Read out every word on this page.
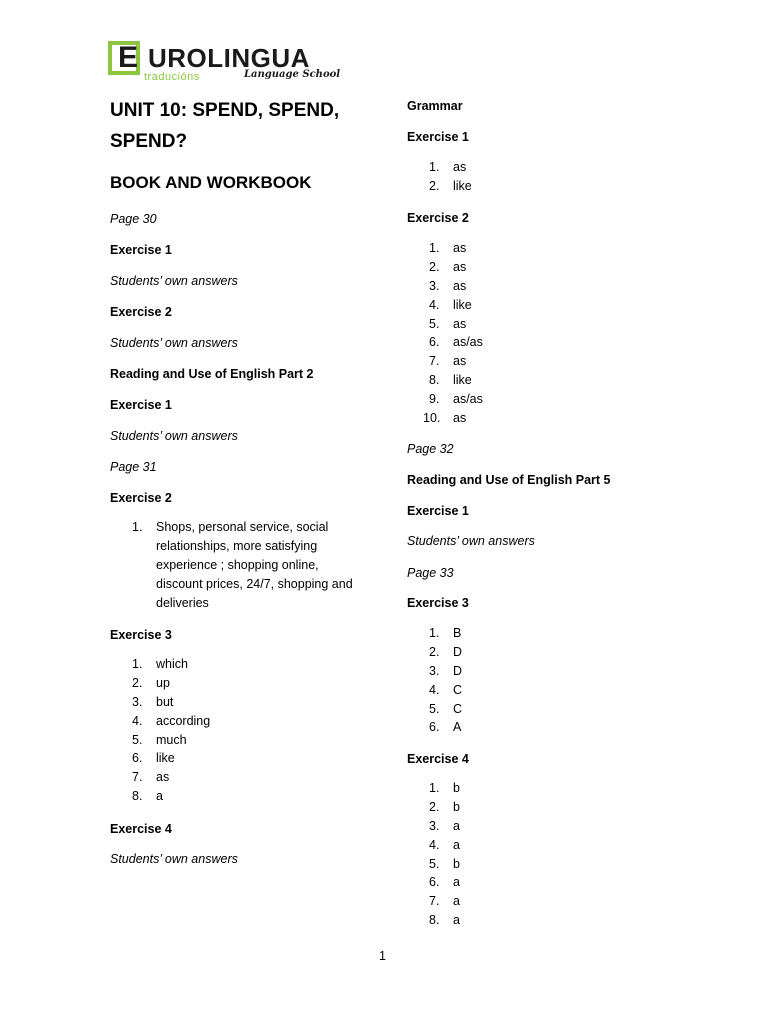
E UROLINGUA
traducións	Language School
UNIT 10: SPEND, SPEND,
SPEND?
BOOK AND WORKBOOK
Page 30
Exercise 1
Students’ own answers
Exercise 2
Students’ own answers
Reading and Use of English Part 2
Exercise 1
Students’ own answers
Page 31
Exercise 2
1. Shops, personal service, social relationships, more satisfying experience ; shopping online, discount prices, 24/7, shopping and deliveries
Exercise 3
1.	which
2.	up
3.	but
4.	according
5.	much
6.	like
7.	as
8.	a
Exercise 4
Students’ own answers
Grammar
Exercise 1
1.	as
2.	like
Exercise 2
1.	as
2.	as
3.	as
4.	like
5.	as
6.	as/as
7.	as
8.	like
9.	as/as
10. as
Page 32
Reading and Use of English Part 5
Exercise 1
Students’ own answers
Page 33
Exercise 3
1.	B
2.	D
3.	D
4.	C
5.	C
6.	A
Exercise 4
1.	b
2.	b
3.	a
4.	a
5.	b
6.	a
7.	a
8.	a
1
